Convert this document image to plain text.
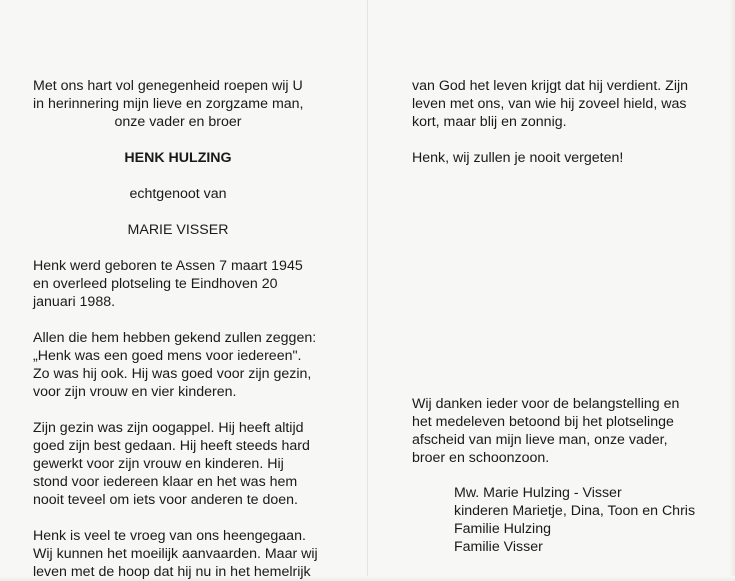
Met ons hart vol genegenheid roepen wij U

in herinnering mijn lieve en zorgzame man,

onze vader en broer

HENK HULZING

echtgenoot van

MARIE VISSER

Henk werd geboren te Assen 7 maart 1945

en overleed plotseling te Eindhoven 20

januari 1988.

Allen die hem hebben gekend zullen zeggen:

„Henk was een goed mens voor iedereen".

Zo was hij ook. Hij was goed voor zijn gezin,

voor zijn vrouw en vier kinderen.

Zijn gezin was zijn oogappel. Hij heeft altijd

goed zijn best gedaan. Hij heeft steeds hard

gewerkt voor zijn vrouw en kinderen. Hij

stond voor iedereen klaar en het was hem

nooit teveel om iets voor anderen te doen.

Henk is veel te vroeg van ons heengegaan.

Wij kunnen het moeilijk aanvaarden. Maar wij

leven met de hoop dat hij nu in het hemelrijk

van God het leven krijgt dat hij verdient. Zijn

leven met ons, van wie hij zoveel hield, was

kort, maar blij en zonnig.

Henk, wij zullen je nooit vergeten!

Wij danken ieder voor de belangstelling en

het medeleven betoond bij het plotselinge

afscheid van mijn lieve man, onze vader,

broer en schoonzoon.

Mw. Marie Hulzing - Visser

kinderen Marietje, Dina, Toon en Chris

Familie Hulzing

Familie Visser
